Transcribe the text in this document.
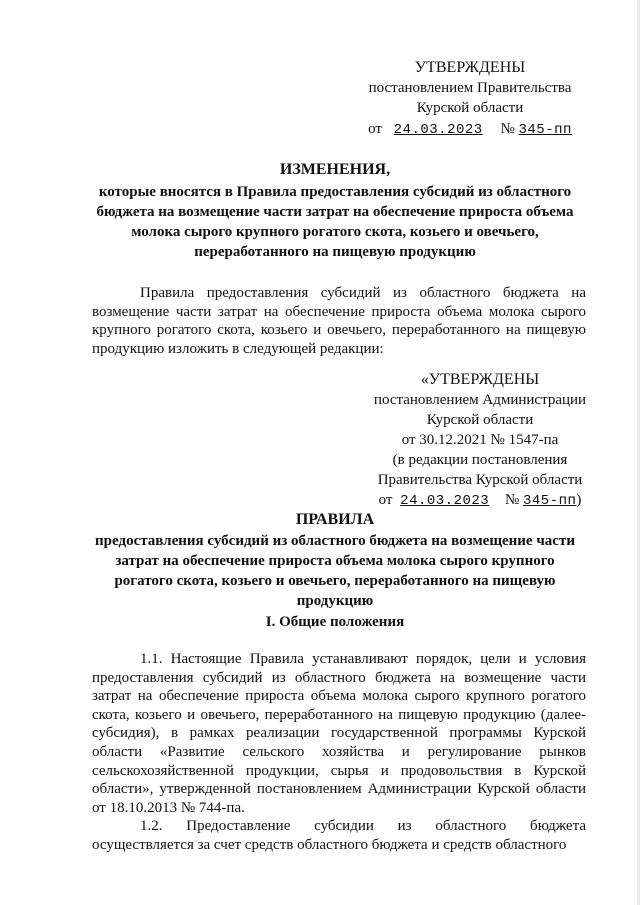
УТВЕРЖДЕНЫ
постановлением Правительства
Курской области
от 24.03.2023 № 345-пп
ИЗМЕНЕНИЯ,
которые вносятся в Правила предоставления субсидий из областного
бюджета на возмещение части затрат на обеспечение прироста объема
молока сырого крупного рогатого скота, козьего и овечьего,
переработанного на пищевую продукцию

Правила предоставления субсидий из областного бюджета на возмещение части затрат на обеспечение прироста объема молока сырого крупного рогатого скота, козьего и овечьего, переработанного на пищевую продукцию изложить в следующей редакции:

«УТВЕРЖДЕНЫ
постановлением Администрации
Курской области
от 30.12.2021 № 1547-па
(в редакции постановления
Правительства Курской области
от 24.03.2023 № 345-пп)
ПРАВИЛА
предоставления субсидий из областного бюджета на возмещение части
затрат на обеспечение прироста объема молока сырого крупного
рогатого скота, козьего и овечьего, переработанного на пищевую
продукцию
I. Общие положения

1.1. Настоящие Правила устанавливают порядок, цели и условия предоставления субсидий из областного бюджета на возмещение части затрат на обеспечение прироста объема молока сырого крупного рогатого скота, козьего и овечьего, переработанного на пищевую продукцию (далее-субсидия), в рамках реализации государственной программы Курской области «Развитие сельского хозяйства и регулирование рынков сельскохозяйственной продукции, сырья и продовольствия в Курской области», утвержденной постановлением Администрации Курской области от 18.10.2013 № 744-па.

1.2. Предоставление субсидии из областного бюджета осуществляется за счет средств областного бюджета и средств областного
